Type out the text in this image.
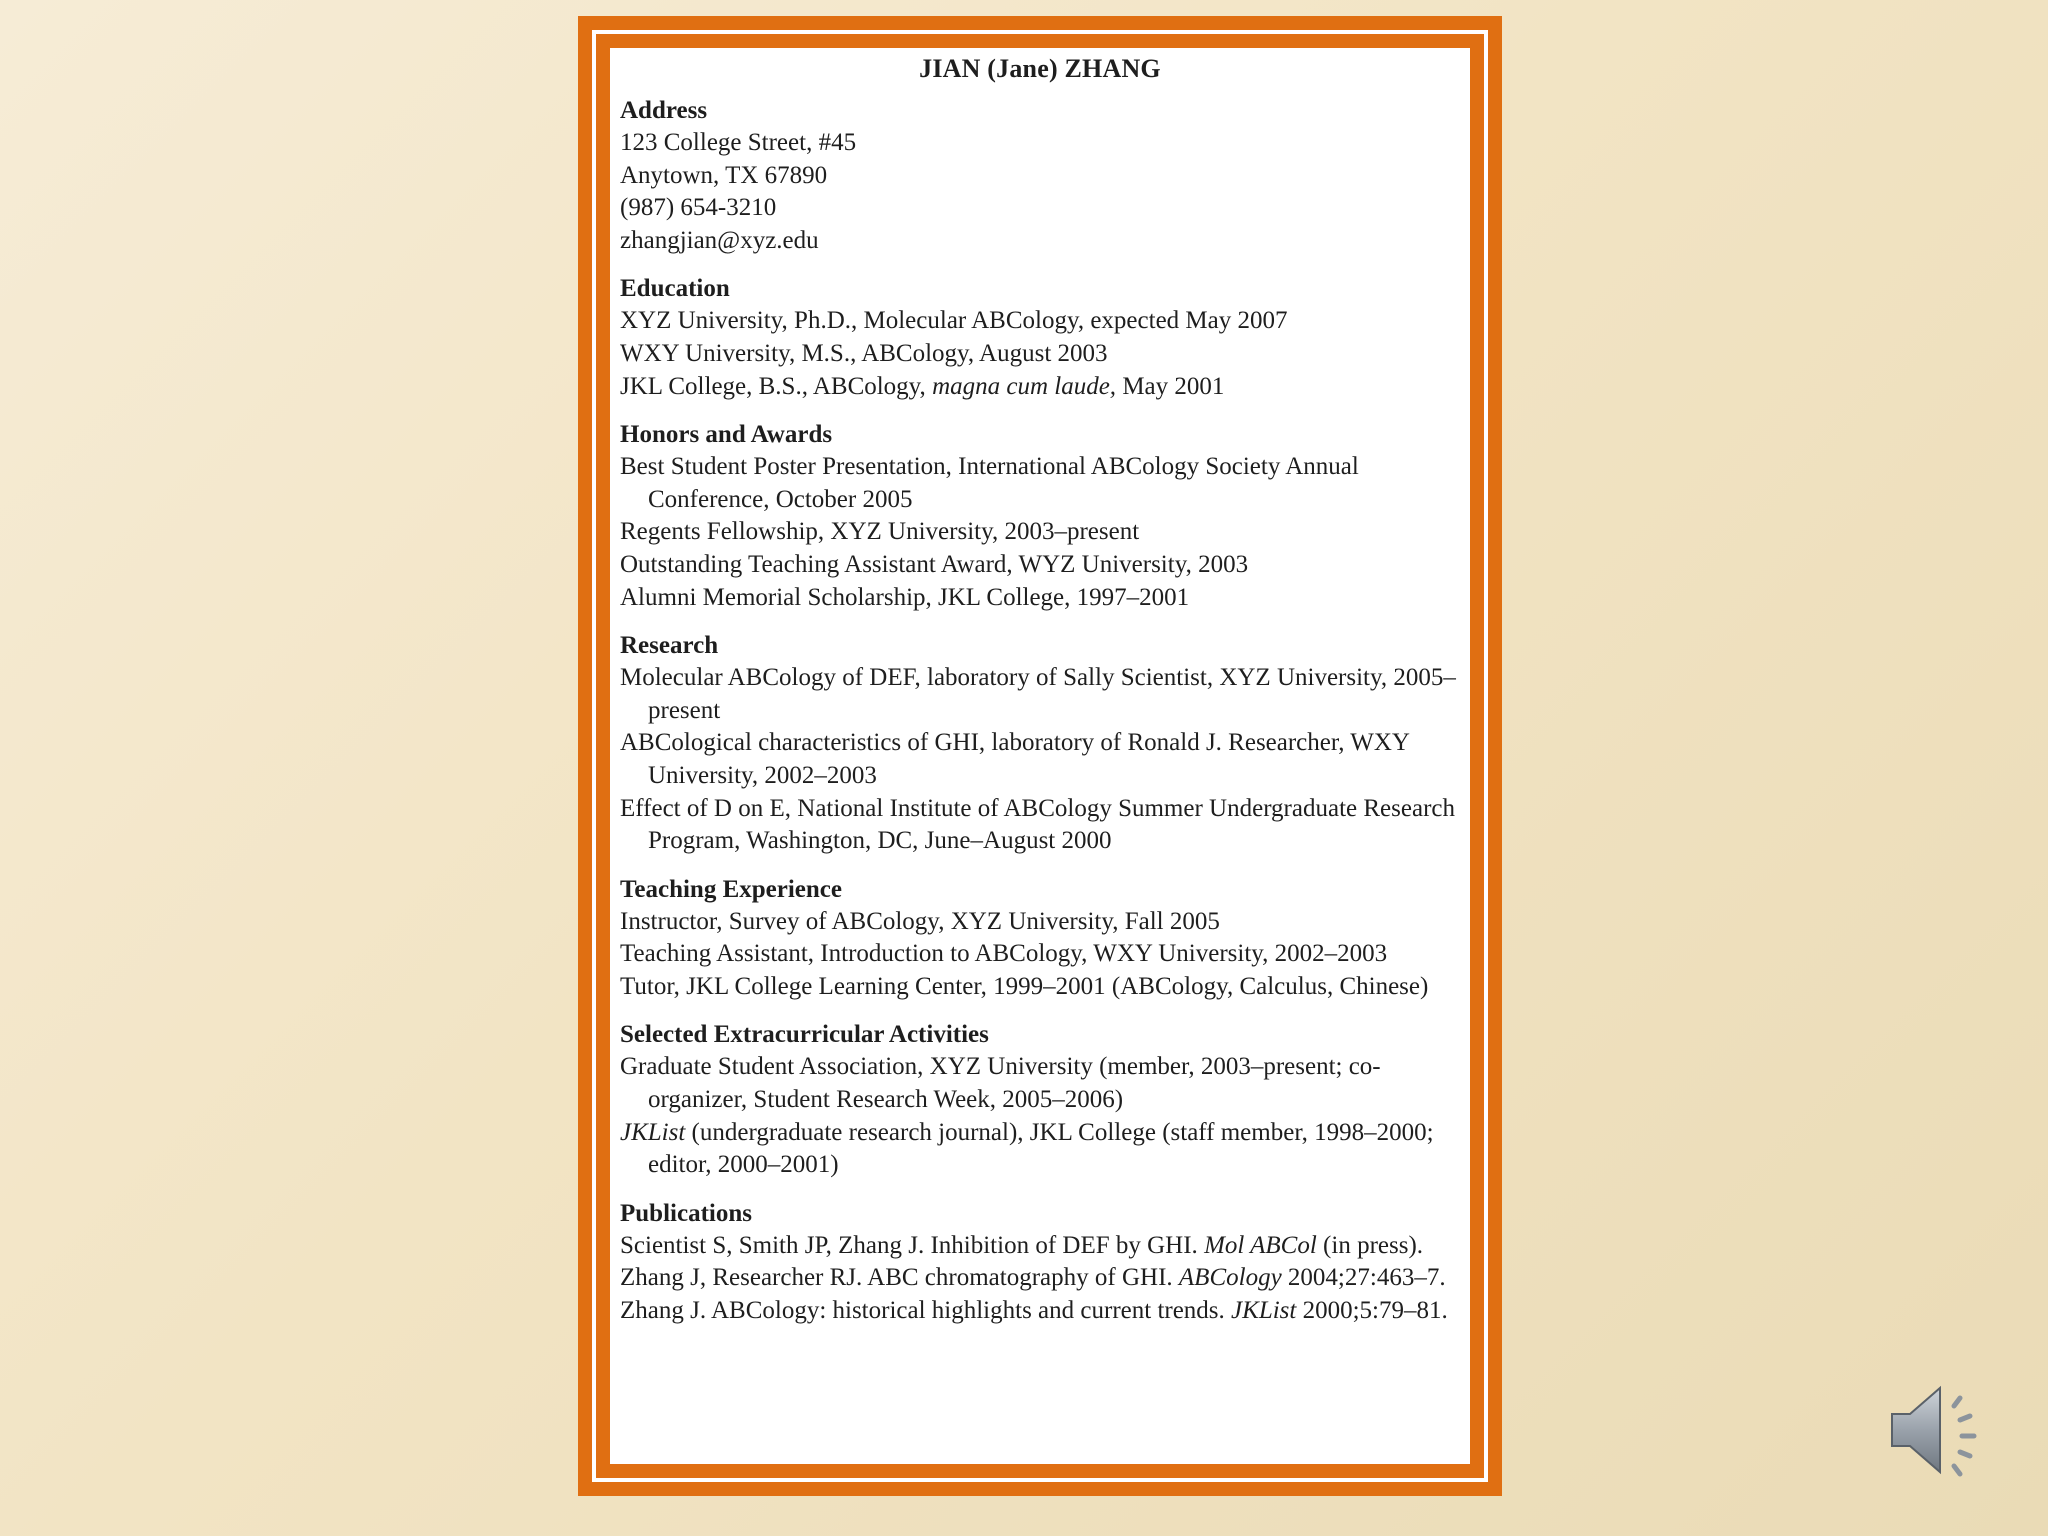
JIAN (Jane) ZHANG
Address
123 College Street, #45
Anytown, TX 67890
(987) 654-3210
zhangjian@xyz.edu
Education
XYZ University, Ph.D., Molecular ABCology, expected May 2007
WXY University, M.S., ABCology, August 2003
JKL College, B.S., ABCology, magna cum laude, May 2001
Honors and Awards
Best Student Poster Presentation, International ABCology Society Annual Conference, October 2005
Regents Fellowship, XYZ University, 2003–present
Outstanding Teaching Assistant Award, WYZ University, 2003
Alumni Memorial Scholarship, JKL College, 1997–2001
Research
Molecular ABCology of DEF, laboratory of Sally Scientist, XYZ University, 2005–present
ABCological characteristics of GHI, laboratory of Ronald J. Researcher, WXY University, 2002–2003
Effect of D on E, National Institute of ABCology Summer Undergraduate Research Program, Washington, DC, June–August 2000
Teaching Experience
Instructor, Survey of ABCology, XYZ University, Fall 2005
Teaching Assistant, Introduction to ABCology, WXY University, 2002–2003
Tutor, JKL College Learning Center, 1999–2001 (ABCology, Calculus, Chinese)
Selected Extracurricular Activities
Graduate Student Association, XYZ University (member, 2003–present; co-organizer, Student Research Week, 2005–2006)
JKList (undergraduate research journal), JKL College (staff member, 1998–2000; editor, 2000–2001)
Publications
Scientist S, Smith JP, Zhang J. Inhibition of DEF by GHI. Mol ABCol (in press).
Zhang J, Researcher RJ. ABC chromatography of GHI. ABCology 2004;27:463–7.
Zhang J. ABCology: historical highlights and current trends. JKList 2000;5:79–81.
